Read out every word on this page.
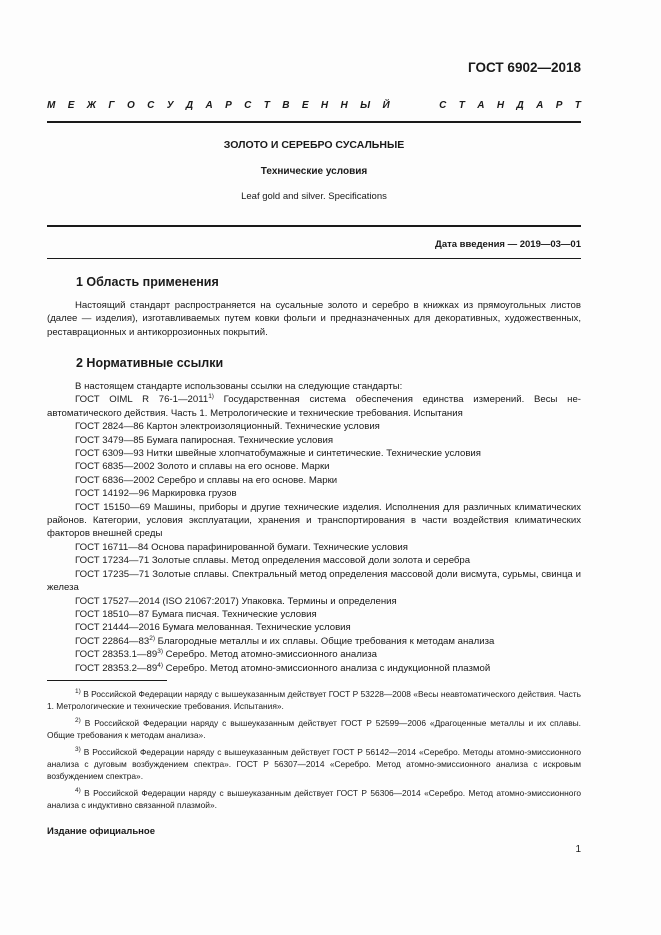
ГОСТ 6902—2018
М Е Ж Г О С У Д А Р С Т В Е Н Н Ы Й	С Т А Н Д А Р Т
ЗОЛОТО И СЕРЕБРО СУСАЛЬНЫЕ
Технические условия
Leaf gold and silver. Specifications
Дата введения — 2019—03—01
1 Область применения

Настоящий стандарт распространяется на сусальные золото и серебро в книжках из прямоугольных листов (далее — изделия), изготавливаемых путем ковки фольги и предназначенных для декоративных, художественных, реставрационных и антикоррозионных покрытий.

2 Нормативные ссылки

В настоящем стандарте использованы ссылки на следующие стандарты:

ГОСТ OIML R 76-1—2011$^{1)}$ Государственная система обеспечения единства измерений. Весы неавтоматического действия. Часть 1. Метрологические и технические требования. Испытания

ГОСТ 2824—86 Картон электроизоляционный. Технические условия

ГОСТ 3479—85 Бумага папиросная. Технические условия

ГОСТ 6309—93 Нитки швейные хлопчатобумажные и синтетические. Технические условия

ГОСТ 6835—2002 Золото и сплавы на его основе. Марки

ГОСТ 6836—2002 Серебро и сплавы на его основе. Марки

ГОСТ 14192—96 Маркировка грузов

ГОСТ 15150—69 Машины, приборы и другие технические изделия. Исполнения для различных климатических районов. Категории, условия эксплуатации, хранения и транспортирования в части воздействия климатических факторов внешней среды

ГОСТ 16711—84 Основа парафинированной бумаги. Технические условия

ГОСТ 17234—71 Золотые сплавы. Метод определения массовой доли золота и серебра

ГОСТ 17235—71 Золотые сплавы. Спектральный метод определения массовой доли висмута, сурьмы, свинца и железа

ГОСТ 17527—2014 (ISO 21067:2017) Упаковка. Термины и определения

ГОСТ 18510—87 Бумага писчая. Технические условия

ГОСТ 21444—2016 Бумага мелованная. Технические условия

ГОСТ 22864—83$^{2)}$ Благородные металлы и их сплавы. Общие требования к методам анализа

ГОСТ 28353.1—89$^{3)}$ Серебро. Метод атомно-эмиссионного анализа

ГОСТ 28353.2—89$^{4)}$ Серебро. Метод атомно-эмиссионного анализа с индукционной плазмой

$^{1)}$ В Российской Федерации наряду с вышеуказанным действует ГОСТ Р 53228—2008 «Весы неавтоматического действия. Часть 1. Метрологические и технические требования. Испытания».

$^{2)}$ В Российской Федерации наряду с вышеуказанным действует ГОСТ Р 52599—2006 «Драгоценные металлы и их сплавы. Общие требования к методам анализа».

$^{3)}$ В Российской Федерации наряду с вышеуказанным действует ГОСТ Р 56142—2014 «Серебро. Методы атомно-эмиссионного анализа с дуговым возбуждением спектра». ГОСТ Р 56307—2014 «Серебро. Метод атомно-эмиссионного анализа с искровым возбуждением спектра».

$^{4)}$ В Российской Федерации наряду с вышеуказанным действует ГОСТ Р 56306—2014 «Серебро. Метод атомно-эмиссионного анализа с индуктивно связанной плазмой».

Издание официальное
1
